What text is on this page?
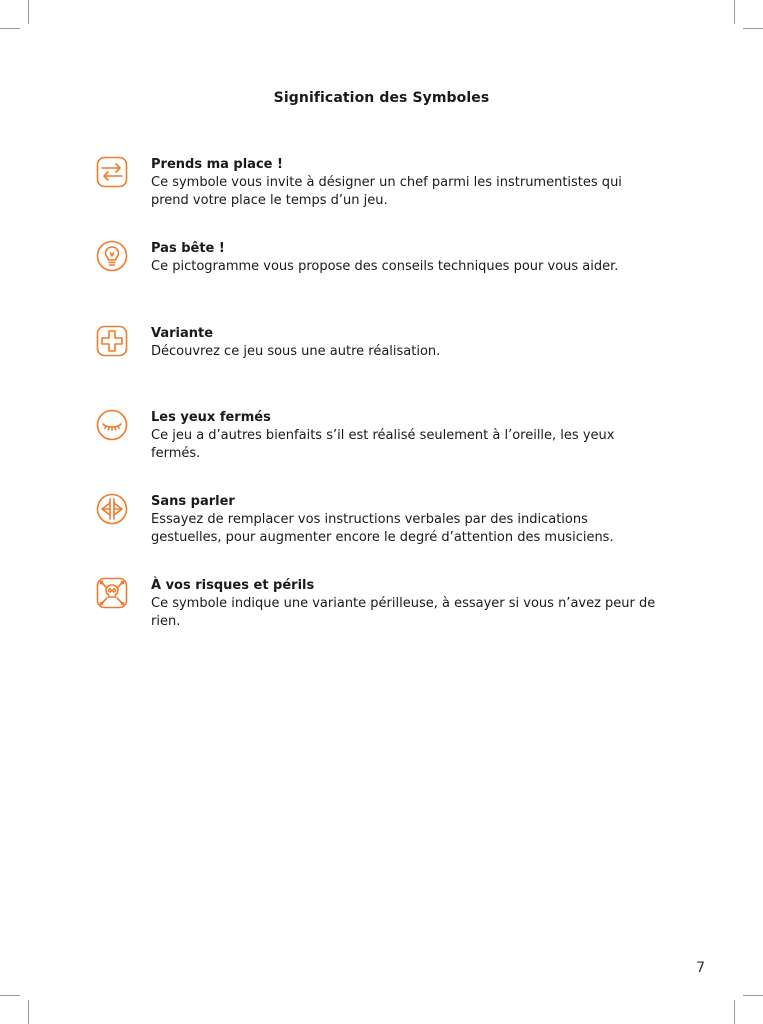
Signification des Symboles
Prends ma place !
Ce symbole vous invite à désigner un chef parmi les instrumentistes qui prend votre place le temps d’un jeu.
Pas bête !
Ce pictogramme vous propose des conseils techniques pour vous aider.
Variante
Découvrez ce jeu sous une autre réalisation.
Les yeux fermés
Ce jeu a d’autres bienfaits s’il est réalisé seulement à l’oreille, les yeux fermés.
Sans parler
Essayez de remplacer vos instructions verbales par des indications gestuelles, pour augmenter encore le degré d’attention des musiciens.
À vos risques et périls
Ce symbole indique une variante périlleuse, à essayer si vous n’avez peur de rien.
7
